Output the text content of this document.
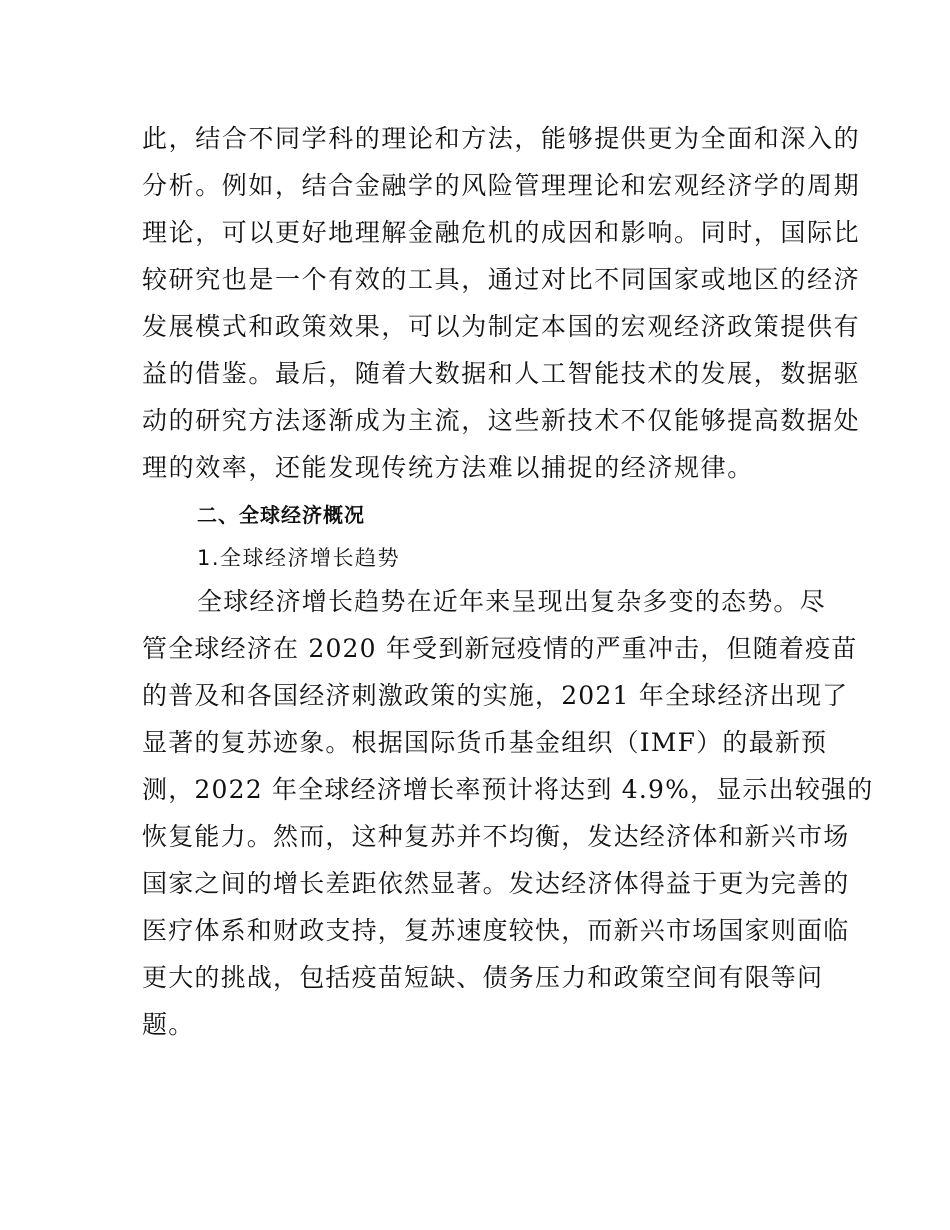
此，结合不同学科的理论和方法，能够提供更为全面和深入的
分析。例如，结合金融学的风险管理理论和宏观经济学的周期
理论，可以更好地理解金融危机的成因和影响。同时，国际比
较研究也是一个有效的工具，通过对比不同国家或地区的经济
发展模式和政策效果，可以为制定本国的宏观经济政策提供有
益的借鉴。最后，随着大数据和人工智能技术的发展，数据驱
动的研究方法逐渐成为主流，这些新技术不仅能够提高数据处
理的效率，还能发现传统方法难以捕捉的经济规律。
二、全球经济概况
1.全球经济增长趋势
全球经济增长趋势在近年来呈现出复杂多变的态势。尽
管全球经济在 2020 年受到新冠疫情的严重冲击，但随着疫苗
的普及和各国经济刺激政策的实施，2021 年全球经济出现了
显著的复苏迹象。根据国际货币基金组织（IMF）的最新预
测，2022 年全球经济增长率预计将达到 4.9%，显示出较强的
恢复能力。然而，这种复苏并不均衡，发达经济体和新兴市场
国家之间的增长差距依然显著。发达经济体得益于更为完善的
医疗体系和财政支持，复苏速度较快，而新兴市场国家则面临
更大的挑战，包括疫苗短缺、债务压力和政策空间有限等问
题。
